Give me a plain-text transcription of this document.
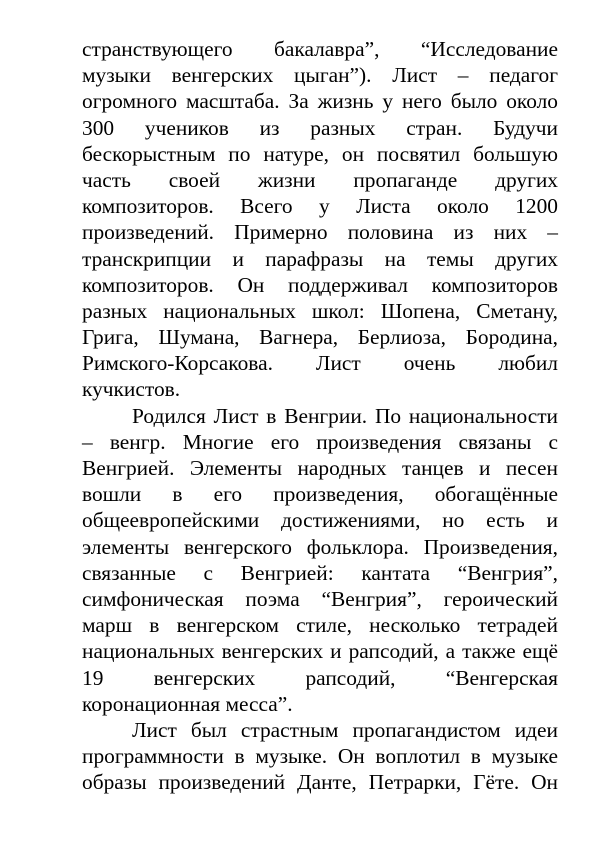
странствующего бакалавра”, “Исследование
музыки венгерских цыган”). Лист – педагог
огромного масштаба. За жизнь у него было около
300 учеников из разных стран. Будучи
бескорыстным по натуре, он посвятил большую
часть своей жизни пропаганде других
композиторов. Всего у Листа около 1200
произведений. Примерно половина из них –
транскрипции и парафразы на темы других
композиторов. Он поддерживал композиторов
разных национальных школ: Шопена, Сметану,
Грига, Шумана, Вагнера, Берлиоза, Бородина,
Римского-Корсакова. Лист очень любил
кучкистов.
Родился Лист в Венгрии. По национальности
– венгр. Многие его произведения связаны с
Венгрией. Элементы народных танцев и песен
вошли в его произведения, обогащённые
общеевропейскими достижениями, но есть и
элементы венгерского фольклора. Произведения,
связанные с Венгрией: кантата “Венгрия”,
симфоническая поэма “Венгрия”, героический
марш в венгерском стиле, несколько тетрадей
национальных венгерских и рапсодий, а также ещё
19 венгерских рапсодий, “Венгерская
коронационная месса”.
Лист был страстным пропагандистом идеи
программности в музыке. Он воплотил в музыке
образы произведений Данте, Петрарки, Гёте. Он
